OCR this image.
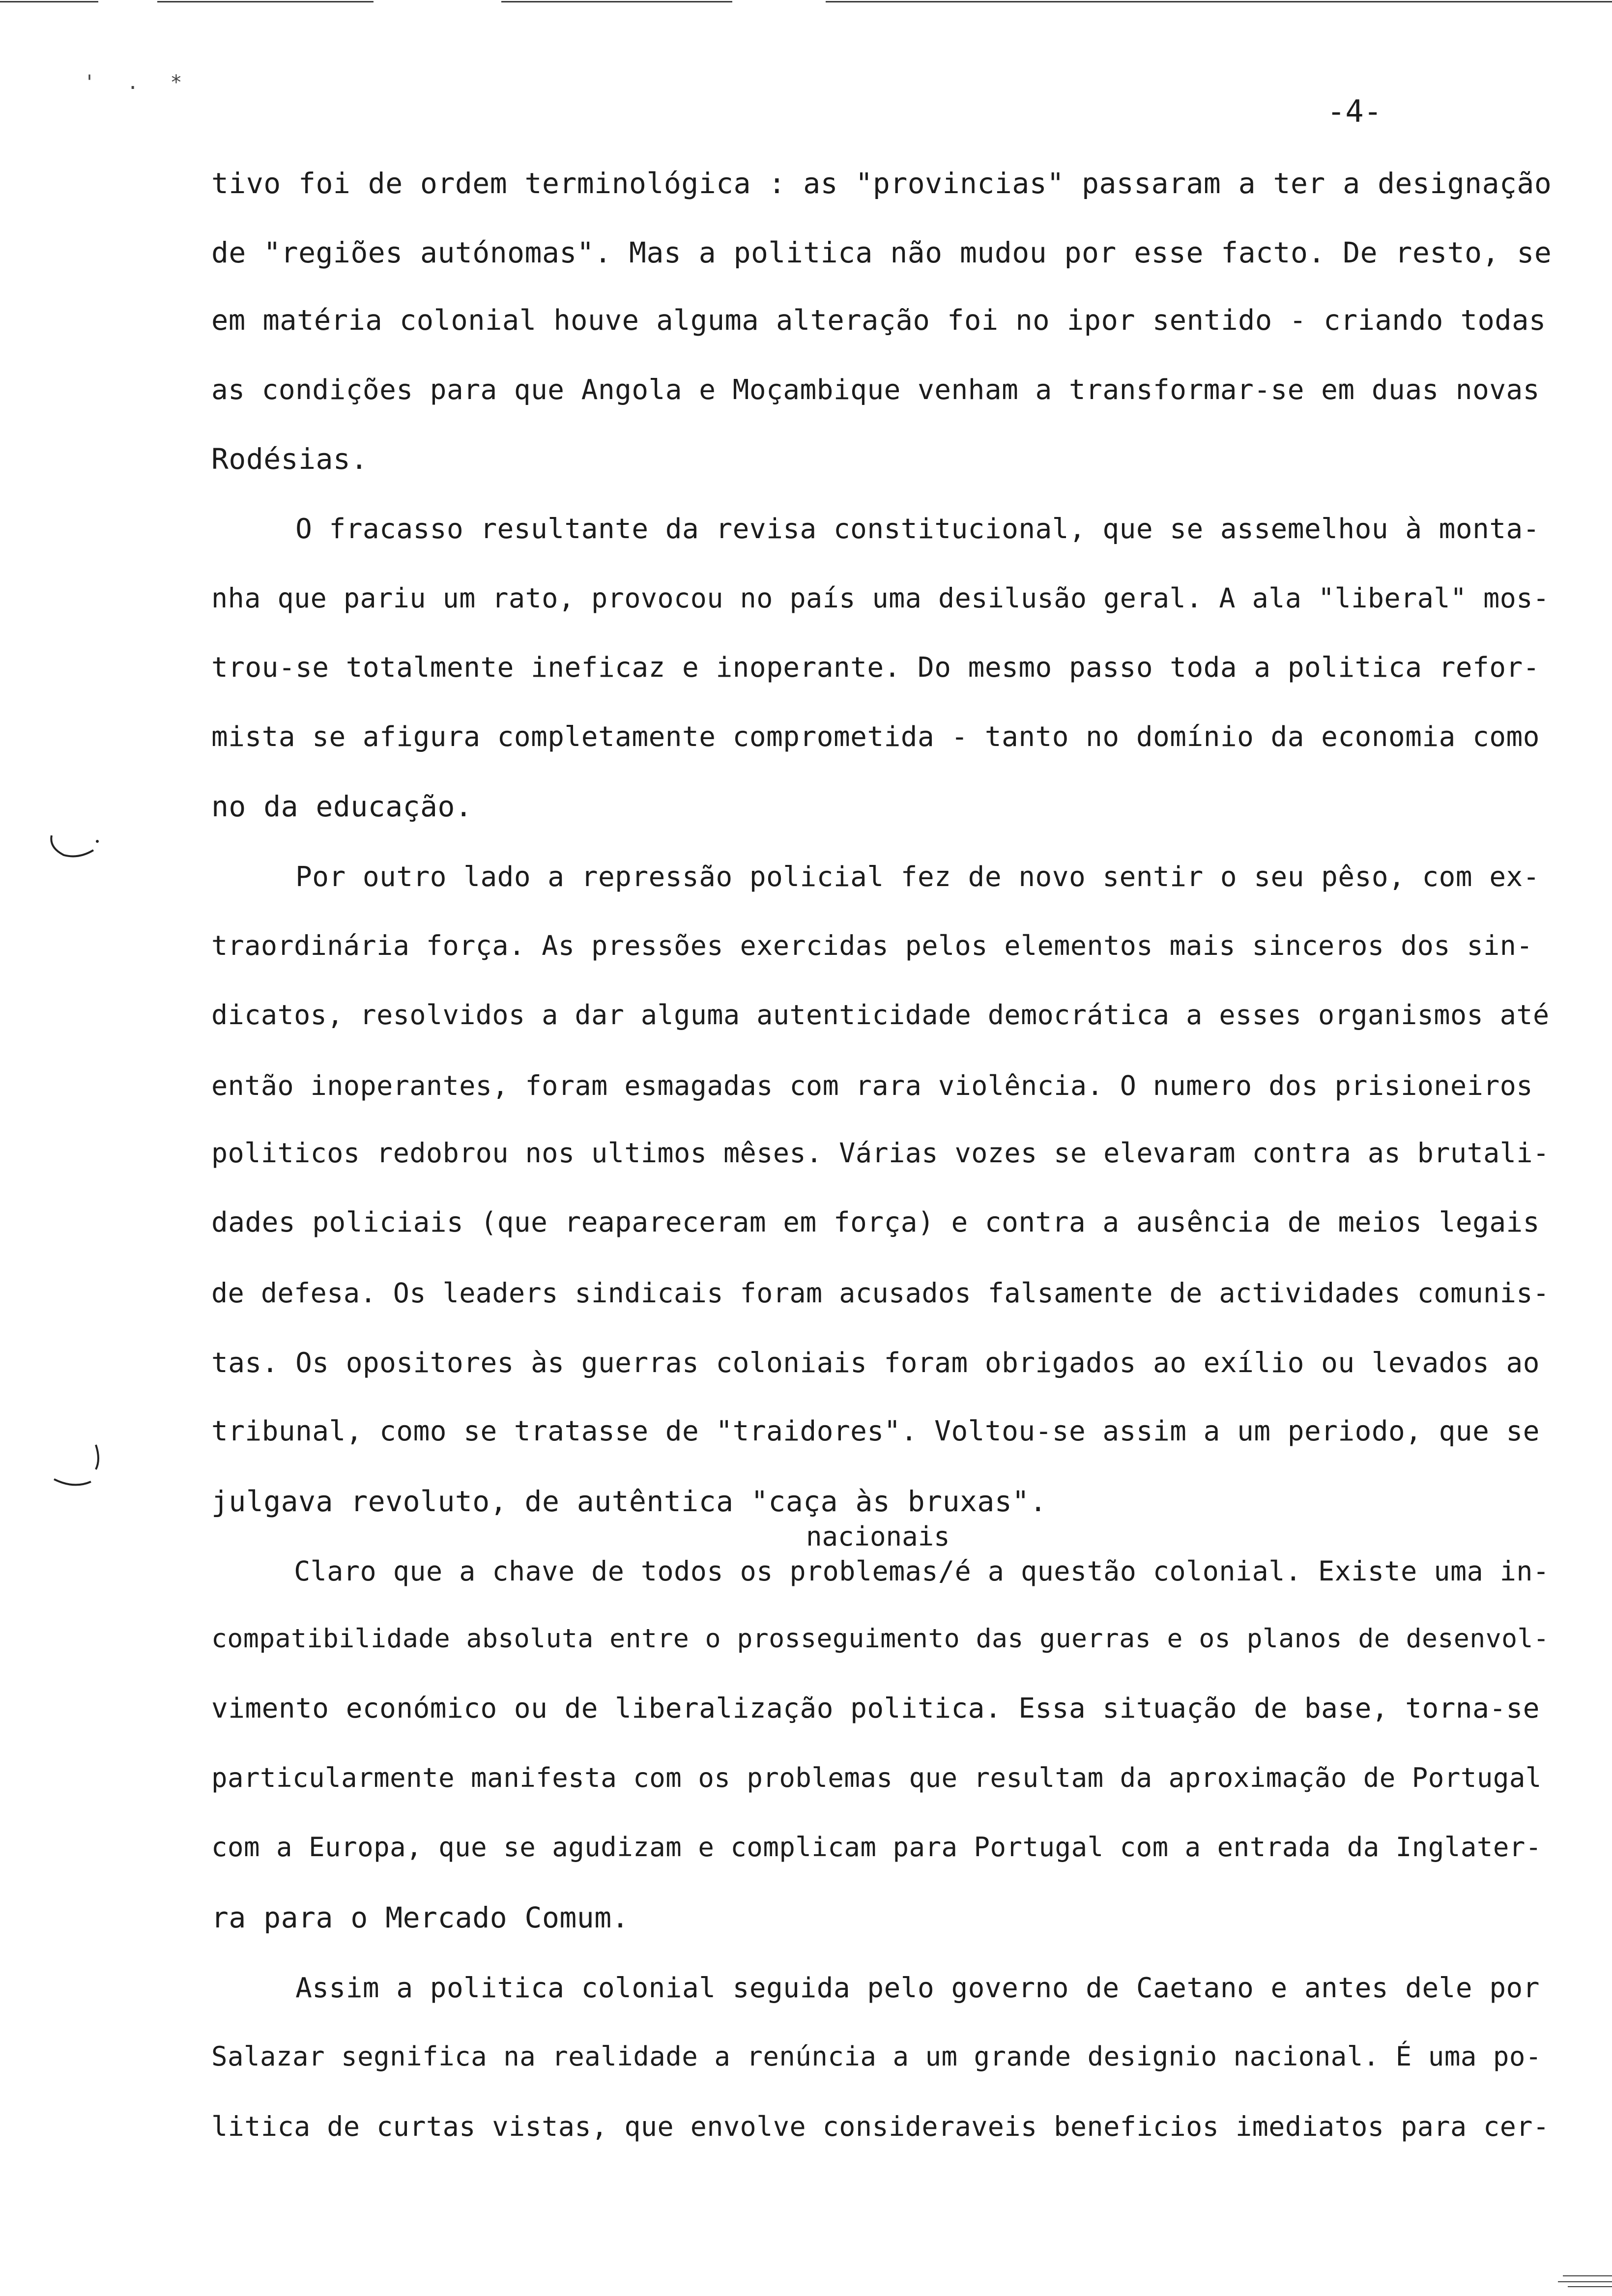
' . *
-4-
tivo foi de ordem terminológica : as "provincias" passaram a ter a designação
de "regiões autónomas". Mas a politica não mudou por esse facto. De resto, se
em matéria colonial houve alguma alteração foi no ipor sentido - criando todas
as condições para que Angola e Moçambique venham a transformar-se em duas novas
Rodésias.
O fracasso resultante da revisa constitucional, que se assemelhou à monta-
nha que pariu um rato, provocou no país uma desilusão geral. A ala "liberal" mos-
trou-se totalmente ineficaz e inoperante. Do mesmo passo toda a politica refor-
mista se afigura completamente comprometida - tanto no domínio da economia como
no da educação.
Por outro lado a repressão policial fez de novo sentir o seu pêso, com ex-
traordinária força. As pressões exercidas pelos elementos mais sinceros dos sin-
dicatos, resolvidos a dar alguma autenticidade democrática a esses organismos até
então inoperantes, foram esmagadas com rara violência. O numero dos prisioneiros
politicos redobrou nos ultimos mêses. Várias vozes se elevaram contra as brutali-
dades policiais (que reapareceram em força) e contra a ausência de meios legais
de defesa. Os leaders sindicais foram acusados falsamente de actividades comunis-
tas. Os opositores às guerras coloniais foram obrigados ao exílio ou levados ao
tribunal, como se tratasse de "traidores". Voltou-se assim a um periodo, que se
julgava revoluto, de autêntica "caça às bruxas".
nacionais
Claro que a chave de todos os problemas/é a questão colonial. Existe uma in-
compatibilidade absoluta entre o prosseguimento das guerras e os planos de desenvol-
vimento económico ou de liberalização politica. Essa situação de base, torna-se
particularmente manifesta com os problemas que resultam da aproximação de Portugal
com a Europa, que se agudizam e complicam para Portugal com a entrada da Inglater-
ra para o Mercado Comum.
Assim a politica colonial seguida pelo governo de Caetano e antes dele por
Salazar segnifica na realidade a renúncia a um grande designio nacional. É uma po-
litica de curtas vistas, que envolve consideraveis beneficios imediatos para cer-
